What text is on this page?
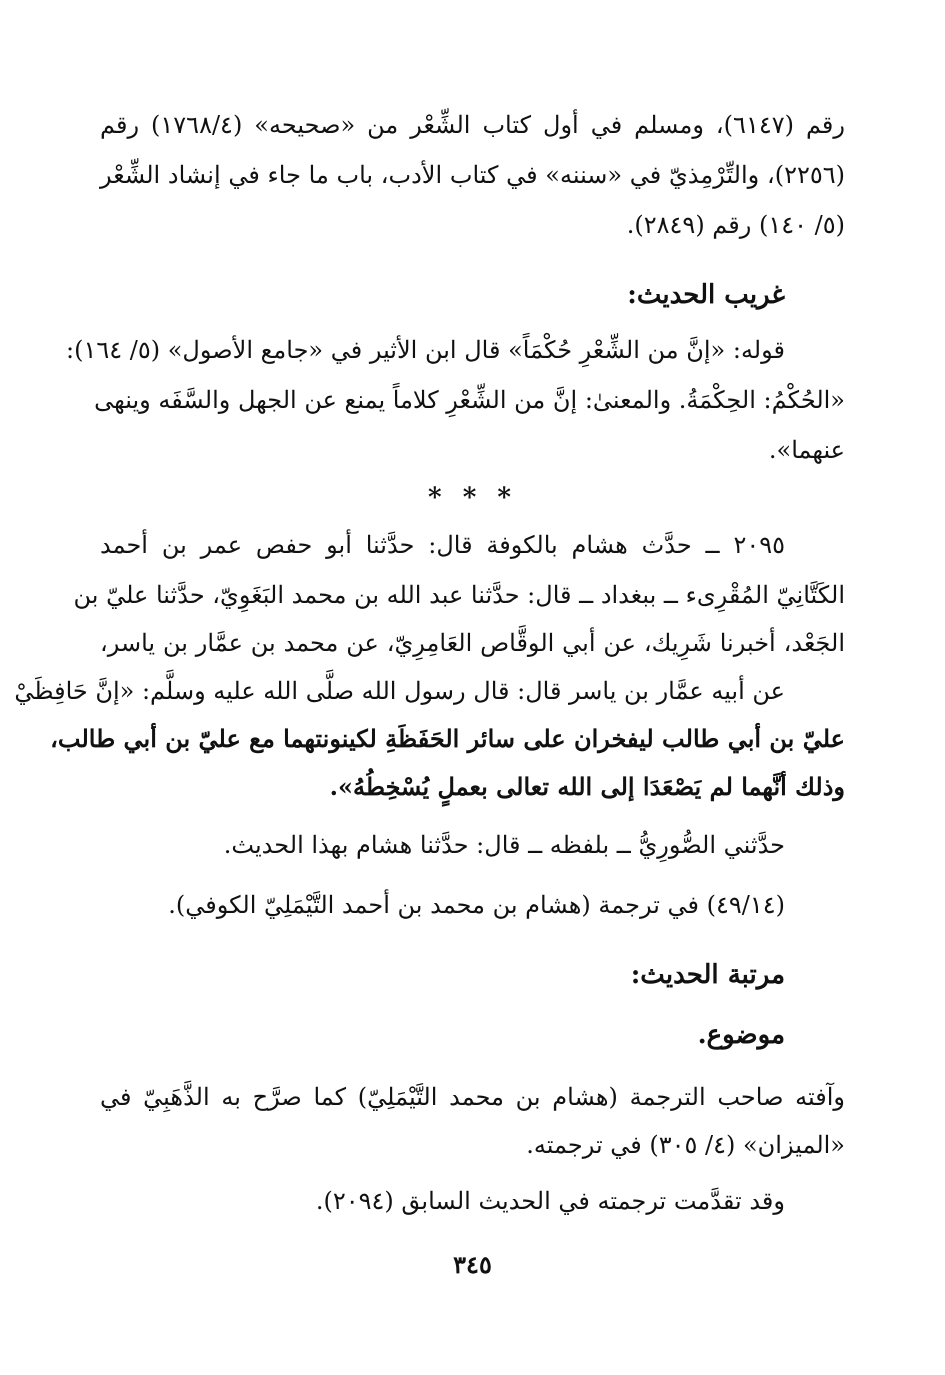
رقم (٦١٤٧)، ومسلم في أول كتاب الشِّعْر من «صحيحه» (١٧٦٨/٤) رقم
(٢٢٥٦)، والتِّرْمِذيّ في «سننه» في كتاب الأدب، باب ما جاء في إنشاد الشِّعْر
(٥/ ١٤٠) رقم (٢٨٤٩).
غريب الحديث:
قوله: «إنَّ من الشِّعْرِ حُكْمَاً» قال ابن الأثير في «جامع الأصول» (٥/ ١٦٤):
«الحُكْمُ: الحِكْمَةُ. والمعنىٰ: إنَّ من الشِّعْرِ كلاماً يمنع عن الجهل والسَّفَه وينهى
عنهما».
* * *
٢٠٩٥ ــ حدَّث هشام بالكوفة قال: حدَّثنا أبو حفص عمر بن أحمد
الكَتَّانِيّ المُقْرِىء ــ ببغداد ــ قال: حدَّثنا عبد الله بن محمد البَغَوِيّ، حدَّثنا عليّ بن
الجَعْد، أخبرنا شَرِيك، عن أبي الوقَّاص العَامِرِيّ، عن محمد بن عمَّار بن ياسر،
عن أبيه عمَّار بن ياسر قال: قال رسول الله صلَّى الله عليه وسلَّم: «إنَّ حَافِظَيْ
عليّ بن أبي طالب ليفخران على سائر الحَفَظَةِ لكينونتهما مع عليّ بن أبي طالب،
وذلك أنَّهما لم يَصْعَدَا إلى الله تعالى بعملٍ يُسْخِطُهُ».
حدَّثني الصُّورِيُّ ــ بلفظه ــ قال: حدَّثنا هشام بهذا الحديث.
(٤٩/١٤) في ترجمة (هشام بن محمد بن أحمد التَّيْمَلِيّ الكوفي).
مرتبة الحديث:
موضوع.
وآفته صاحب الترجمة (هشام بن محمد التَّيْمَلِيّ) كما صرَّح به الذَّهَبِيّ في
«الميزان» (٤/ ٣٠٥) في ترجمته.
وقد تقدَّمت ترجمته في الحديث السابق (٢٠٩٤).
٣٤٥
